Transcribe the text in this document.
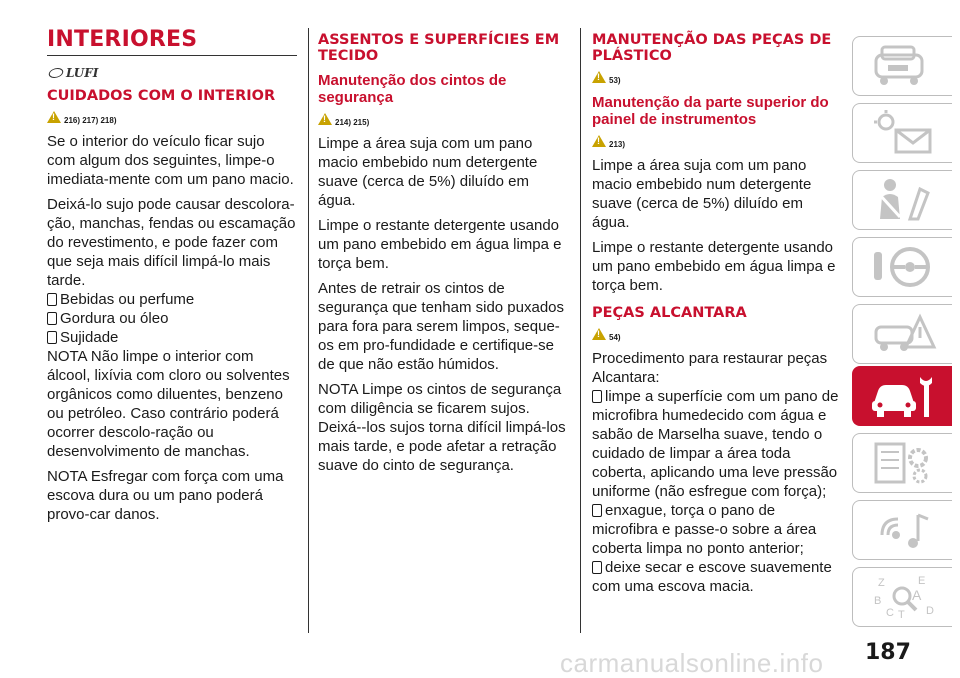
INTERIORES
LUFI
CUIDADOS COM O INTERIOR
!
216) 217) 218)
Se o interior do veículo ficar sujo com algum dos seguintes, limpe-o imediata-mente com um pano macio.
Deixá-lo sujo pode causar descolora-ção, manchas, fendas ou escamação do revestimento, e pode fazer com que seja mais difícil limpá-lo mais tarde.
Bebidas ou perfume
Gordura ou óleo
Sujidade
NOTA Não limpe o interior com álcool, lixívia com cloro ou solventes orgânicos como diluentes, benzeno ou petróleo. Caso contrário poderá ocorrer descolo-ração ou desenvolvimento de manchas.
NOTA Esfregar com força com uma escova dura ou um pano poderá provo-car danos.
ASSENTOS E SUPERFÍCIES EM TECIDO
Manutenção dos cintos de segurança
!
214) 215)
Limpe a área suja com um pano macio embebido num detergente suave (cerca de 5%) diluído em água.
Limpe o restante detergente usando um pano embebido em água limpa e torça bem.
Antes de retrair os cintos de segurança que tenham sido puxados para fora para serem limpos, seque-os em pro-fundidade e certifique-se de que não estão húmidos.
NOTA Limpe os cintos de segurança com diligência se ficarem sujos. Deixá--los sujos torna difícil limpá-los mais tarde, e pode afetar a retração suave do cinto de segurança.
MANUTENÇÃO DAS PEÇAS DE PLÁSTICO
!
53)
Manutenção da parte superior do painel de instrumentos
!
213)
Limpe a área suja com um pano macio embebido num detergente suave (cerca de 5%) diluído em água.
Limpe o restante detergente usando um pano embebido em água limpa e torça bem.
PEÇAS ALCANTARA
!
54)
Procedimento para restaurar peças Alcantara:
limpe a superfície com um pano de microfibra humedecido com água e sabão de Marselha suave, tendo o cuidado de limpar a área toda coberta, aplicando uma leve pressão uniforme (não esfregue com força);
enxague, torça o pano de microfibra e passe-o sobre a área coberta limpa no ponto anterior;
deixe secar e escove suavemente com uma escova macia.	Z	E
A
B
C T D
carmanualsonline.info 187
